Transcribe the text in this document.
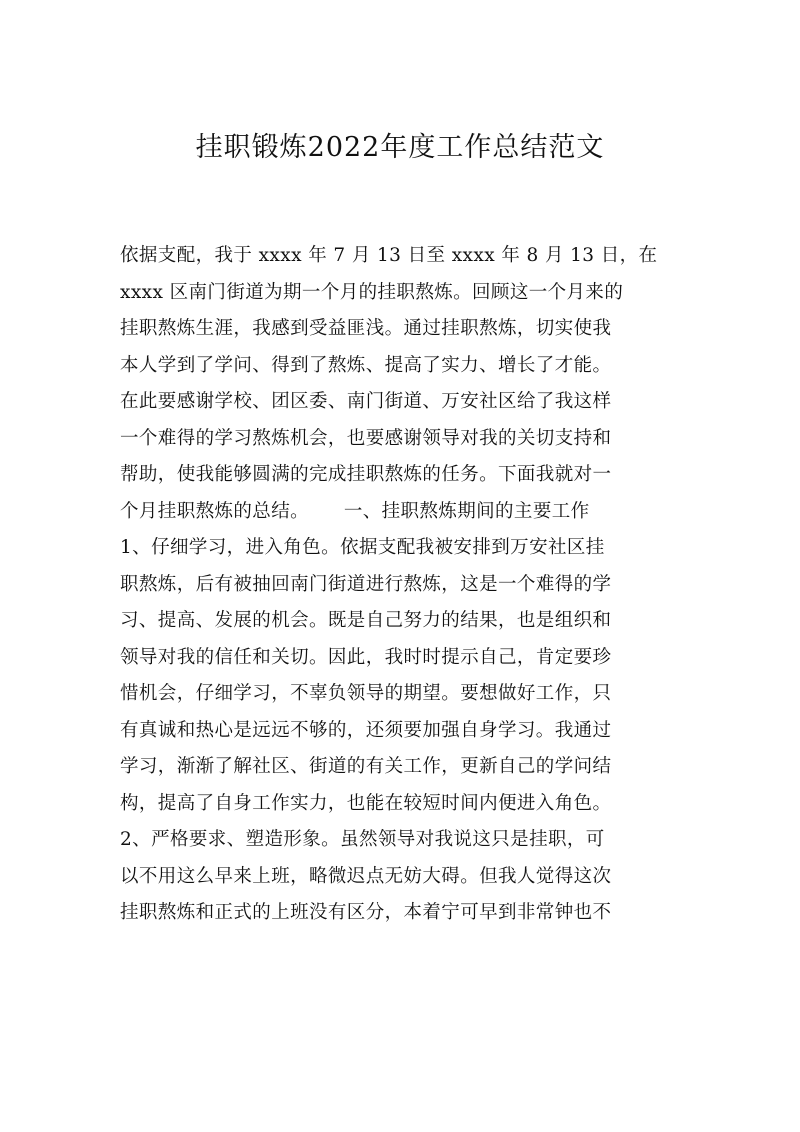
挂职锻炼2022年度工作总结范文
依据支配，我于 xxxx 年 7 月 13 日至 xxxx 年 8 月 13 日，在
xxxx 区南门街道为期一个月的挂职熬炼。回顾这一个月来的
挂职熬炼生涯，我感到受益匪浅。通过挂职熬炼，切实使我
本人学到了学问、得到了熬炼、提高了实力、增长了才能。
在此要感谢学校、团区委、南门街道、万安社区给了我这样
一个难得的学习熬炼机会，也要感谢领导对我的关切支持和
帮助，使我能够圆满的完成挂职熬炼的任务。下面我就对一
个月挂职熬炼的总结。　　 一、挂职熬炼期间的主要工作
1、仔细学习，进入角色。依据支配我被安排到万安社区挂
职熬炼，后有被抽回南门街道进行熬炼，这是一个难得的学
习、提高、发展的机会。既是自己努力的结果，也是组织和
领导对我的信任和关切。因此，我时时提示自己，肯定要珍
惜机会，仔细学习，不辜负领导的期望。要想做好工作，只
有真诚和热心是远远不够的，还须要加强自身学习。我通过
学习，渐渐了解社区、街道的有关工作，更新自己的学问结
构，提高了自身工作实力，也能在较短时间内便进入角色。
2、严格要求、塑造形象。虽然领导对我说这只是挂职，可
以不用这么早来上班，略微迟点无妨大碍。但我人觉得这次
挂职熬炼和正式的上班没有区分，本着宁可早到非常钟也不
